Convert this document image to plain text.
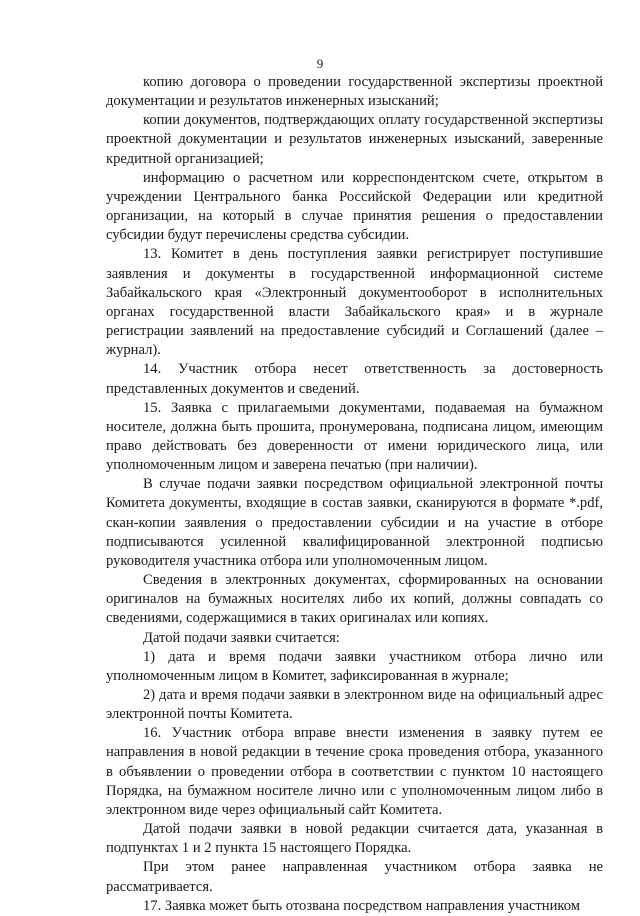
9

копию договора о проведении государственной экспертизы проектной документации и результатов инженерных изысканий;

копии документов, подтверждающих оплату государственной экспертизы проектной документации и результатов инженерных изысканий, заверенные кредитной организацией;

информацию о расчетном или корреспондентском счете, открытом в учреждении Центрального банка Российской Федерации или кредитной организации, на который в случае принятия решения о предоставлении субсидии будут перечислены средства субсидии.

13. Комитет в день поступления заявки регистрирует поступившие заявления и документы в государственной информационной системе Забайкальского края «Электронный документооборот в исполнительных органах государственной власти Забайкальского края» и в журнале регистрации заявлений на предоставление субсидий и Соглашений (далее – журнал).

14. Участник отбора несет ответственность за достоверность представленных документов и сведений.

15. Заявка с прилагаемыми документами, подаваемая на бумажном носителе, должна быть прошита, пронумерована, подписана лицом, имеющим право действовать без доверенности от имени юридического лица, или уполномоченным лицом и заверена печатью (при наличии).

В случае подачи заявки посредством официальной электронной почты Комитета документы, входящие в состав заявки, сканируются в формате *.pdf, скан-копии заявления о предоставлении субсидии и на участие в отборе подписываются усиленной квалифицированной электронной подписью руководителя участника отбора или уполномоченным лицом.

Сведения в электронных документах, сформированных на основании оригиналов на бумажных носителях либо их копий, должны совпадать со сведениями, содержащимися в таких оригиналах или копиях.

Датой подачи заявки считается:

1) дата и время подачи заявки участником отбора лично или уполномоченным лицом в Комитет, зафиксированная в журнале;

2) дата и время подачи заявки в электронном виде на официальный адрес электронной почты Комитета.

16. Участник отбора вправе внести изменения в заявку путем ее направления в новой редакции в течение срока проведения отбора, указанного в объявлении о проведении отбора в соответствии с пунктом 10 настоящего Порядка, на бумажном носителе лично или с уполномоченным лицом либо в электронном виде через официальный сайт Комитета.

Датой подачи заявки в новой редакции считается дата, указанная в подпунктах 1 и 2 пункта 15 настоящего Порядка.

При этом ранее направленная участником отбора заявка не рассматривается.

17. Заявка может быть отозвана посредством направления участником
